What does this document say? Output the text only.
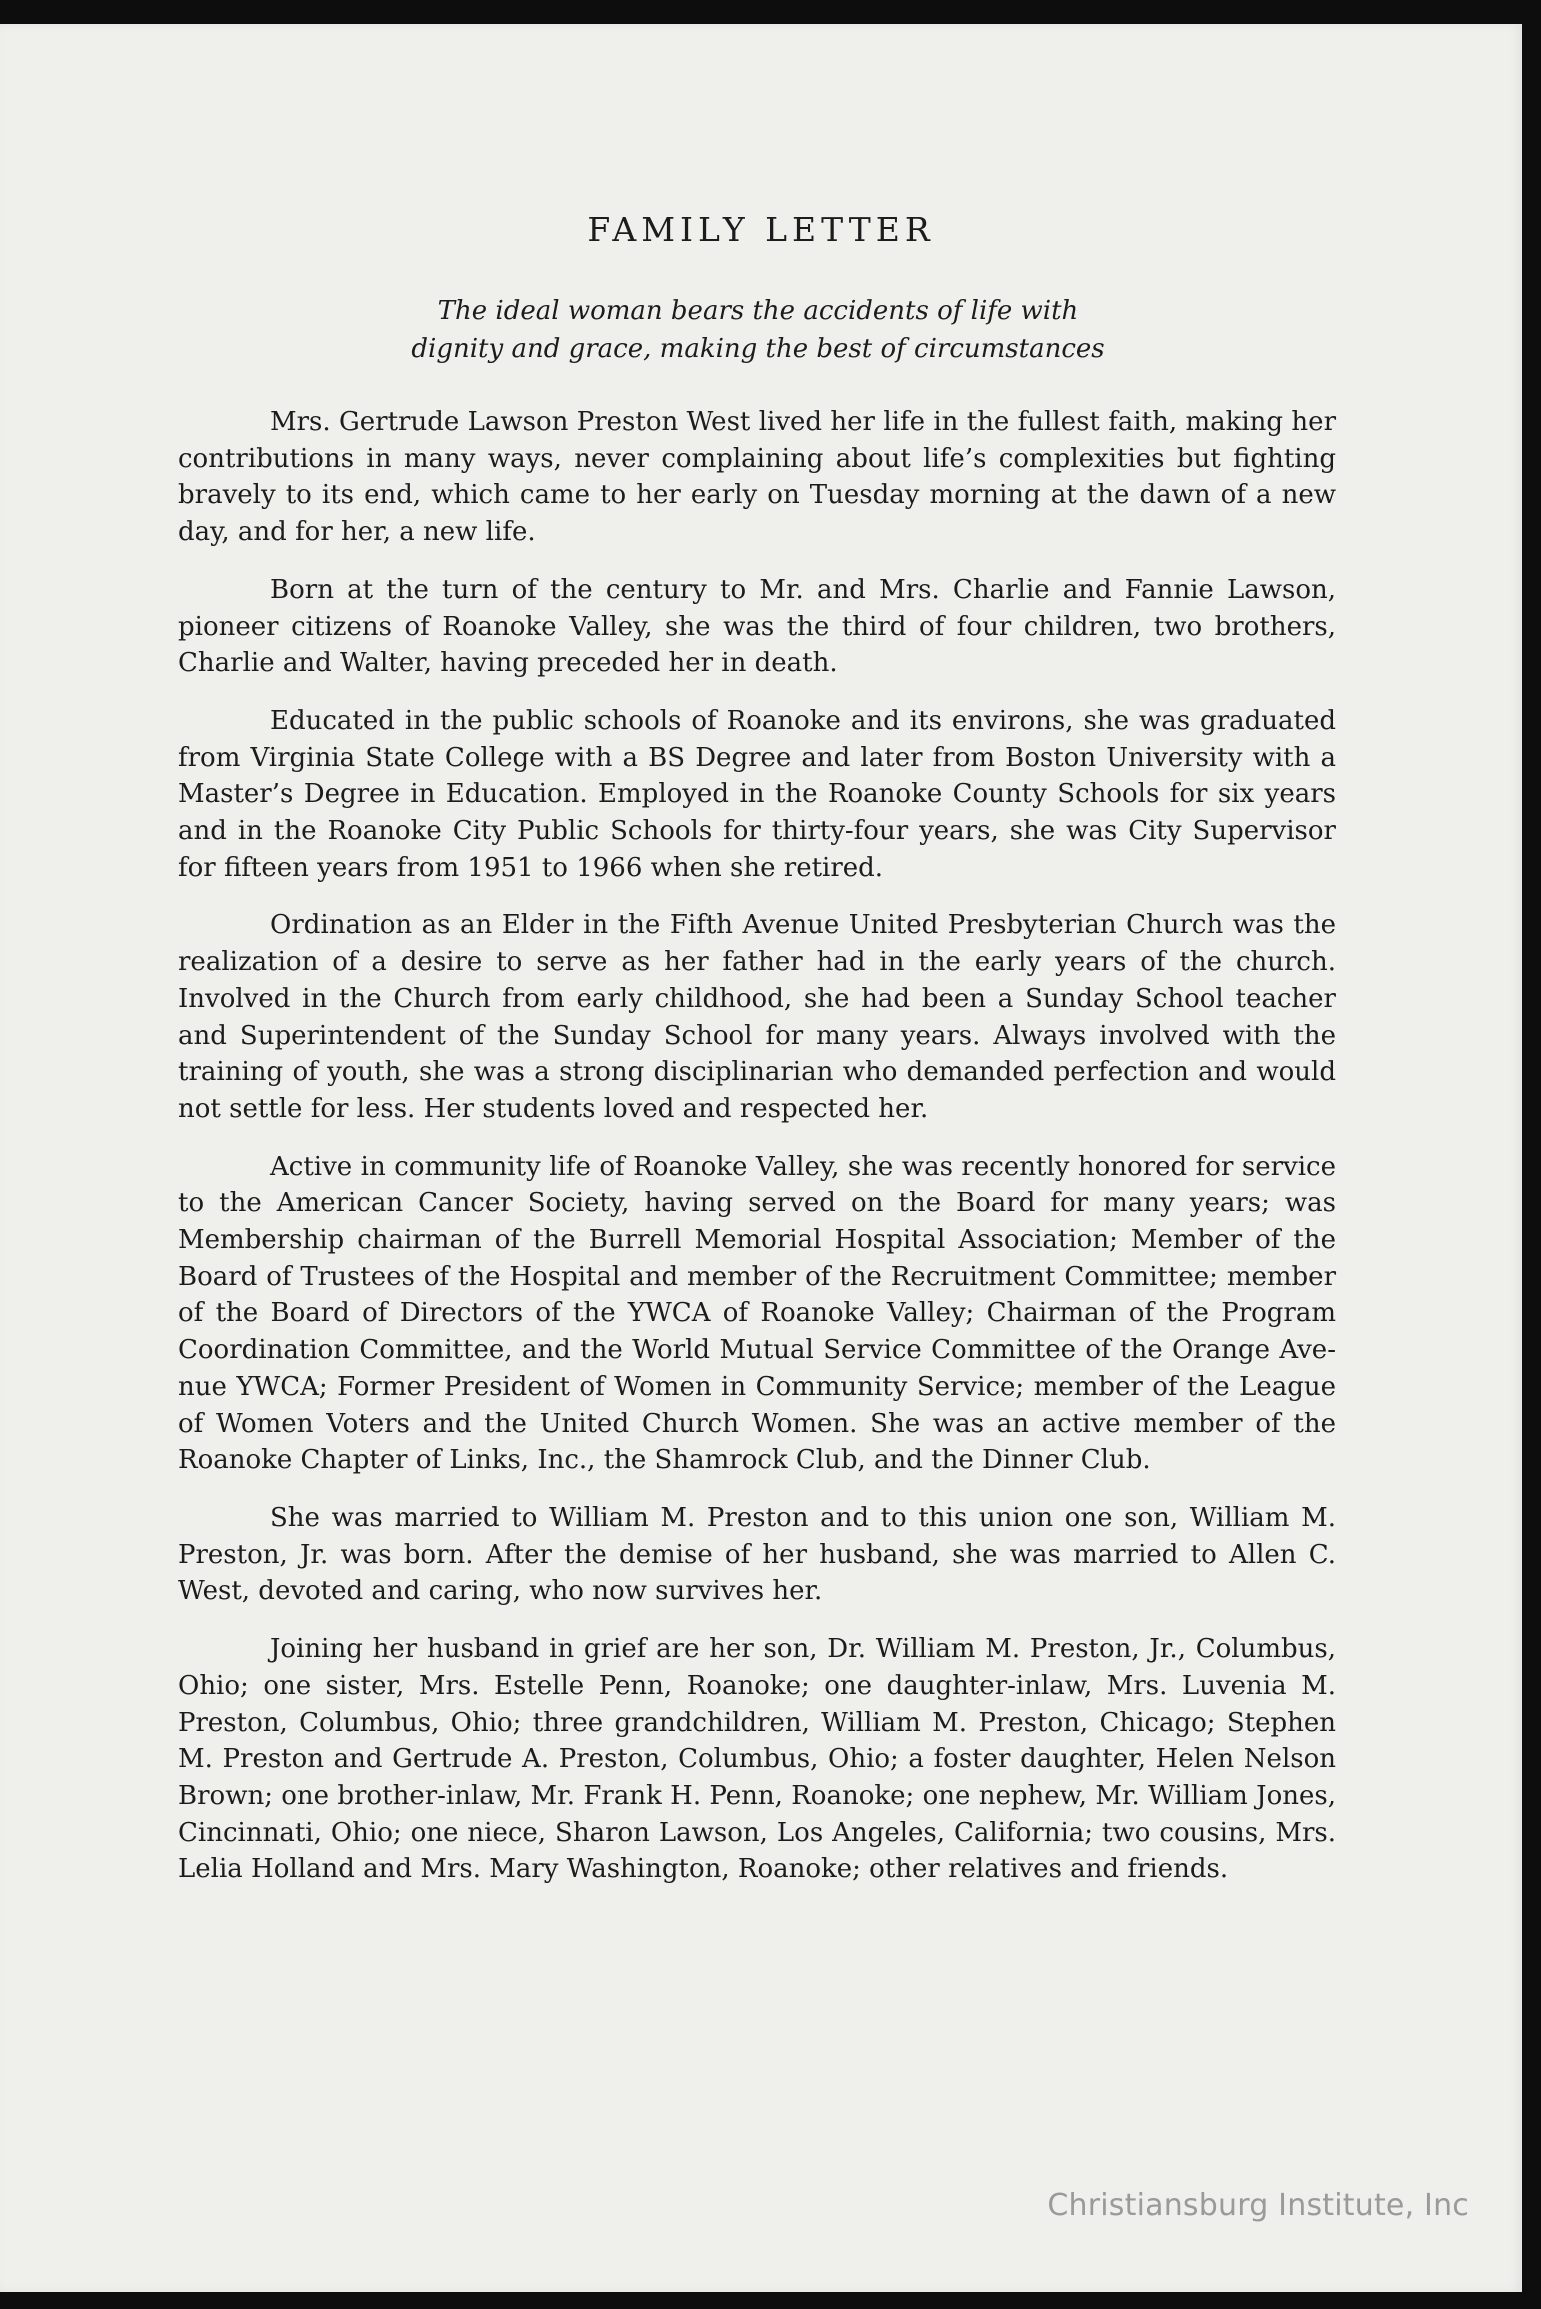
FAMILY LETTER
The ideal woman bears the accidents of life with
dignity and grace, making the best of circumstances

Mrs. Gertrude Lawson Preston West lived her life in the fullest faith, making her contributions in many ways, never complaining about life’s complexities but fighting bravely to its end, which came to her early on Tuesday morning at the dawn of a new day, and for her, a new life.

Born at the turn of the century to Mr. and Mrs. Charlie and Fannie Lawson, pioneer citizens of Roanoke Valley, she was the third of four children, two brothers, Charlie and Walter, having preceded her in death.

Educated in the public schools of Roanoke and its environs, she was graduated from Virginia State College with a BS Degree and later from Boston University with a Master’s Degree in Education. Employed in the Roanoke County Schools for six years and in the Roanoke City Public Schools for thirty-four years, she was City Supervisor for fifteen years from 1951 to 1966 when she retired.

Ordination as an Elder in the Fifth Avenue United Presbyterian Church was the realization of a desire to serve as her father had in the early years of the church. Involved in the Church from early childhood, she had been a Sunday School teacher and Superintendent of the Sunday School for many years. Always involved with the training of youth, she was a strong disciplinarian who demanded perfection and would not settle for less. Her students loved and respected her.

Active in community life of Roanoke Valley, she was recently honored for service to the American Cancer Society, having served on the Board for many years; was Membership chairman of the Burrell Memorial Hospital Association; Member of the Board of Trustees of the Hospital and member of the Recruitment Committee; member of the Board of Directors of the YWCA of Roanoke Valley; Chairman of the Program Coordination Committee, and the World Mutual Service Committee of the Orange Avenue YWCA; Former President of Women in Community Service; member of the League of Women Voters and the United Church Women. She was an active member of the Roanoke Chapter of Links, Inc., the Shamrock Club, and the Dinner Club.

She was married to William M. Preston and to this union one son, William M. Preston, Jr. was born. After the demise of her husband, she was married to Allen C. West, devoted and caring, who now survives her.

Joining her husband in grief are her son, Dr. William M. Preston, Jr., Columbus, Ohio; one sister, Mrs. Estelle Penn, Roanoke; one daughter-inlaw, Mrs. Luvenia M. Preston, Columbus, Ohio; three grandchildren, William M. Preston, Chicago; Stephen M. Preston and Gertrude A. Preston, Columbus, Ohio; a foster daughter, Helen Nelson Brown; one brother-inlaw, Mr. Frank H. Penn, Roanoke; one nephew, Mr. William Jones, Cincinnati, Ohio; one niece, Sharon Lawson, Los Angeles, California; two cousins, Mrs. Lelia Holland and Mrs. Mary Washington, Roanoke; other relatives and friends.

Christiansburg Institute, Inc
